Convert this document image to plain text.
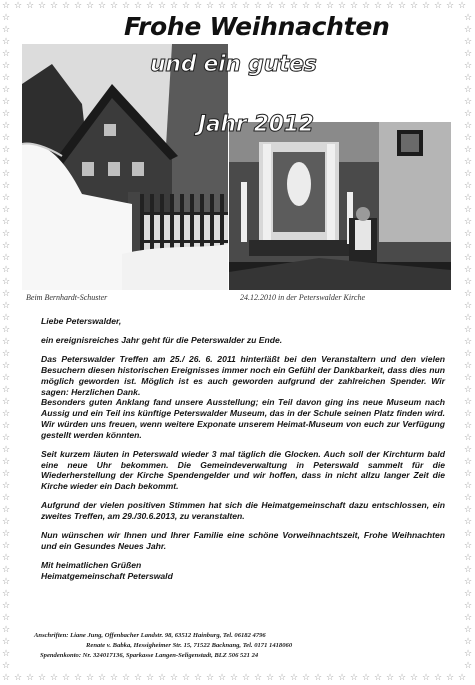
☆
☆
☆
☆
☆
☆
☆
☆
☆
☆
☆
☆
☆
☆
☆
☆
☆
☆
☆
☆
☆
☆
☆
☆
☆
☆
☆
☆
☆
☆
☆
☆
☆
☆
☆
☆
☆
☆
☆
☆
☆
☆
☆
☆
☆
☆
☆
☆
☆
☆
☆
☆
☆
☆
☆
☆
☆
☆
☆
☆
☆
☆
☆
☆
☆
☆
☆
☆
☆
☆
☆
☆
☆
☆
☆
☆
☆
☆
☆	☆
☆	☆
☆	☆
☆	☆
☆	☆
☆	☆
☆	☆
☆	☆
☆	☆
☆	☆
☆	☆
☆	☆
☆	☆
☆	☆
☆	☆
☆	☆
☆	☆
☆	☆
☆	☆
☆	☆
☆	☆
☆	☆
☆	☆
☆	☆
☆	☆
☆	☆
☆	☆
☆	☆
☆	☆
☆	☆
☆	☆
☆	☆
☆	☆
☆	☆
☆	☆
☆	☆
☆	☆
☆	☆
☆	☆
☆	☆
☆	☆
☆	☆
☆	☆
☆	☆
☆	☆
☆	☆
☆	☆
☆	☆
☆	☆
☆	☆
☆	☆
☆	☆
☆	☆
☆	☆
☆	☆
Frohe Weihnachten
und ein gutes
Jahr 2012
Beim Bernhardt-Schuster	24.12.2010 in der Peterswalder Kirche

Liebe Peterswalder,

ein ereignisreiches Jahr geht für die Peterswalder zu Ende.

Das Peterswalder Treffen am 25./ 26. 6. 2011 hinterläßt bei den Veranstaltern und den vielen Besuchern diesen historischen Ereignisses immer noch ein Gefühl der Dankbarkeit, dass dies nun möglich geworden ist. Möglich ist es auch geworden aufgrund der zahlreichen Spender. Wir sagen: Herzlichen Dank.

Besonders guten Anklang fand unsere Ausstellung; ein Teil davon ging ins neue Museum nach Aussig und ein Teil ins künftige Peterswalder Museum, das in der Schule seinen Platz finden wird. Wir würden uns freuen, wenn weitere Exponate unserem Heimat-Museum von euch zur Verfügung gestellt werden könnten.

Seit kurzem läuten in Peterswald wieder 3 mal täglich die Glocken. Auch soll der Kirchturm bald eine neue Uhr bekommen. Die Gemeindeverwaltung in Peterswald sammelt für die Wiederherstellung der Kirche Spendengelder und wir hoffen, dass in nicht allzu langer Zeit die Kirche wieder ein Dach bekommt.

Aufgrund der vielen positiven Stimmen hat sich die Heimatgemeinschaft dazu entschlossen, ein zweites Treffen, am 29./30.6.2013, zu veranstalten.

Nun wünschen wir Ihnen und Ihrer Familie eine schöne Vorweihnachtszeit, Frohe Weihnachten und ein Gesundes Neues Jahr.

Mit heimatlichen Grüßen

Heimatgemeinschaft Peterswald

Anschriften: Liane Jung, Offenbacher Landstr. 98, 63512 Hainburg, Tel. 06182 4796
Renate v. Babka, Hessigheimer Str. 15, 71522 Backnang, Tel. 0171 1418060
Spendenkonto: Nr. 324017136, Sparkasse Langen-Seligenstadt, BLZ 506 521 24
